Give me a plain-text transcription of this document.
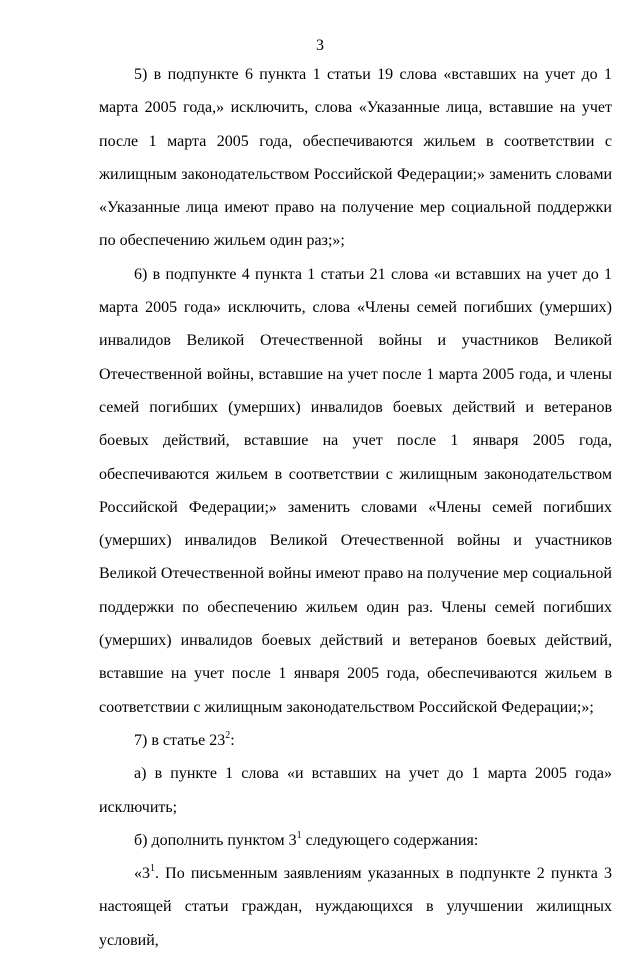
3

5) в подпункте 6 пункта 1 статьи 19 слова «вставших на учет до 1 марта 2005 года,» исключить, слова «Указанные лица, вставшие на учет после 1 марта 2005 года, обеспечиваются жильем в соответствии с жилищным законодательством Российской Федерации;» заменить словами «Указанные лица имеют право на получение мер социальной поддержки по обеспечению жильем один раз;»;

6) в подпункте 4 пункта 1 статьи 21 слова «и вставших на учет до 1 марта 2005 года» исключить, слова «Члены семей погибших (умерших) инвалидов Великой Отечественной войны и участников Великой Отечественной войны, вставшие на учет после 1 марта 2005 года, и члены семей погибших (умерших) инвалидов боевых действий и ветеранов боевых действий, вставшие на учет после 1 января 2005 года, обеспечиваются жильем в соответствии с жилищным законодательством Российской Федерации;» заменить словами «Члены семей погибших (умерших) инвалидов Великой Отечественной войны и участников Великой Отечественной войны имеют право на получение мер социальной поддержки по обеспечению жильем один раз. Члены семей погибших (умерших) инвалидов боевых действий и ветеранов боевых действий, вставшие на учет после 1 января 2005 года, обеспечиваются жильем в соответствии с жилищным законодательством Российской Федерации;»;

7) в статье $23^2$:

а) в пункте 1 слова «и вставших на учет до 1 марта 2005 года» исключить;

б) дополнить пунктом $3^1$ следующего содержания:

«$3^1$. По письменным заявлениям указанных в подпункте 2 пункта 3 настоящей статьи граждан, нуждающихся в улучшении жилищных условий,
